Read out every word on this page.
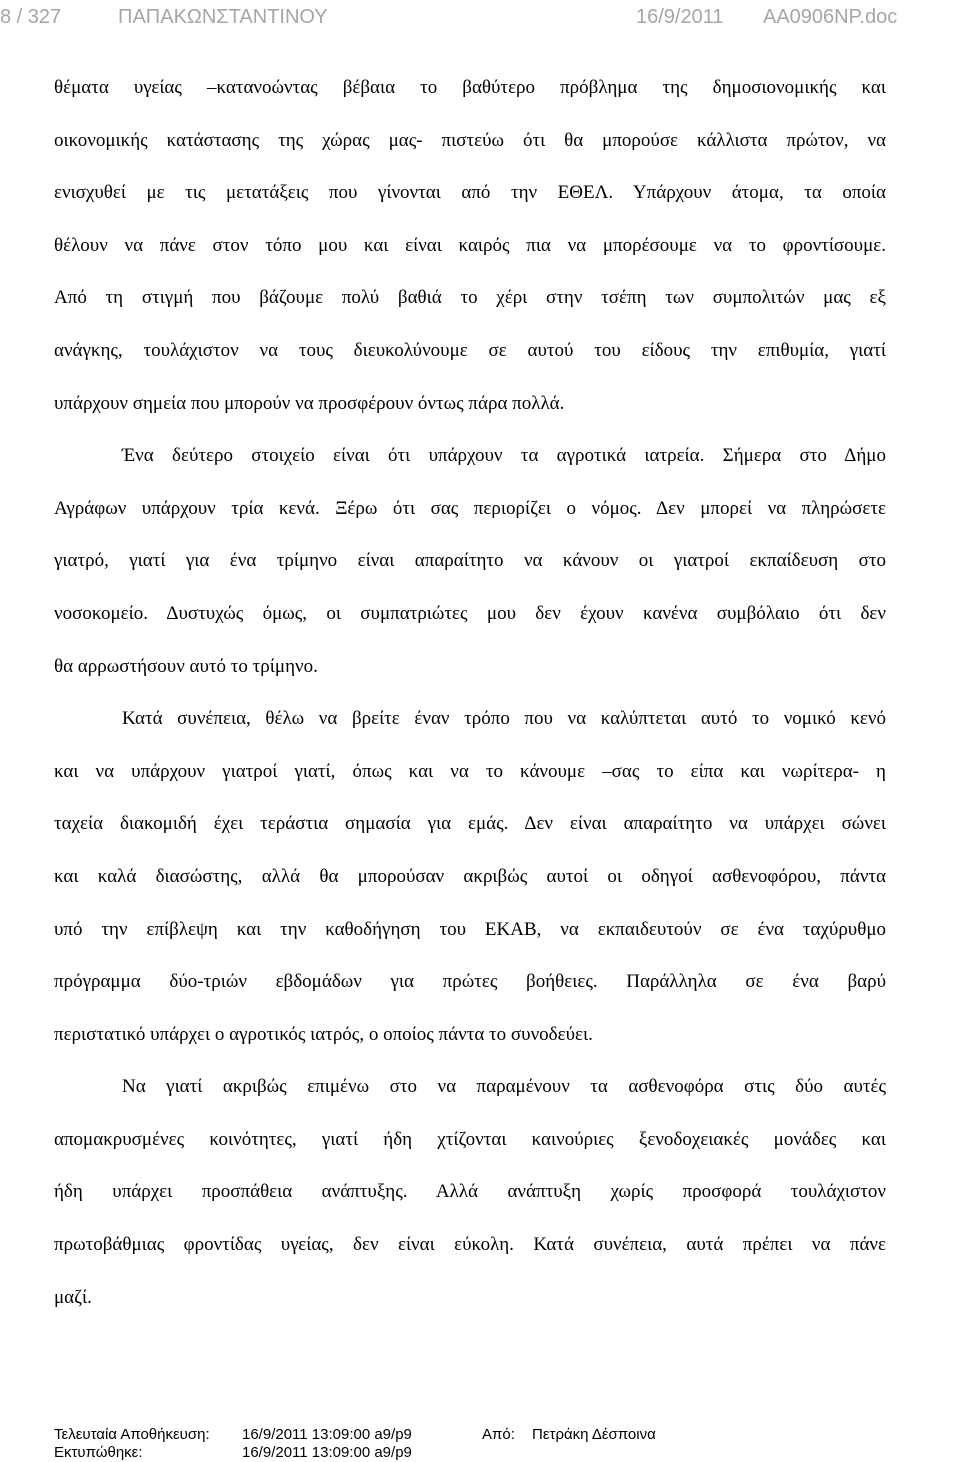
8 / 327	ΠΑΠΑΚΩΝΣΤΑΝΤΙΝΟΥ	16/9/2011 ΑΑ0906ΝΡ.doc
θέματα υγείας –κατανοώντας βέβαια το βαθύτερο πρόβλημα της δημοσιονομικής και
οικονομικής κατάστασης της χώρας μας- πιστεύω ότι θα μπορούσε κάλλιστα πρώτον, να
ενισχυθεί με τις μετατάξεις που γίνονται από την ΕΘΕΛ. Υπάρχουν άτομα, τα οποία
θέλουν να πάνε στον τόπο μου και είναι καιρός πια να μπορέσουμε να το φροντίσουμε.
Από τη στιγμή που βάζουμε πολύ βαθιά το χέρι στην τσέπη των συμπολιτών μας εξ
ανάγκης, τουλάχιστον να τους διευκολύνουμε σε αυτού του είδους την επιθυμία, γιατί
υπάρχουν σημεία που μπορούν να προσφέρουν όντως πάρα πολλά.
Ένα δεύτερο στοιχείο είναι ότι υπάρχουν τα αγροτικά ιατρεία. Σήμερα στο Δήμο
Αγράφων υπάρχουν τρία κενά. Ξέρω ότι σας περιορίζει ο νόμος. Δεν μπορεί να πληρώσετε
γιατρό, γιατί για ένα τρίμηνο είναι απαραίτητο να κάνουν οι γιατροί εκπαίδευση στο
νοσοκομείο. Δυστυχώς όμως, οι συμπατριώτες μου δεν έχουν κανένα συμβόλαιο ότι δεν
θα αρρωστήσουν αυτό το τρίμηνο.
Κατά συνέπεια, θέλω να βρείτε έναν τρόπο που να καλύπτεται αυτό το νομικό κενό
και να υπάρχουν γιατροί γιατί, όπως και να το κάνουμε –σας το είπα και νωρίτερα- η
ταχεία διακομιδή έχει τεράστια σημασία για εμάς. Δεν είναι απαραίτητο να υπάρχει σώνει
και καλά διασώστης, αλλά θα μπορούσαν ακριβώς αυτοί οι οδηγοί ασθενοφόρου, πάντα
υπό την επίβλεψη και την καθοδήγηση του ΕΚΑΒ, να εκπαιδευτούν σε ένα ταχύρυθμο
πρόγραμμα δύο-τριών εβδομάδων για πρώτες βοήθειες. Παράλληλα σε ένα βαρύ
περιστατικό υπάρχει ο αγροτικός ιατρός, ο οποίος πάντα το συνοδεύει.
Να γιατί ακριβώς επιμένω στο να παραμένουν τα ασθενοφόρα στις δύο αυτές
απομακρυσμένες κοινότητες, γιατί ήδη χτίζονται καινούριες ξενοδοχειακές μονάδες και
ήδη υπάρχει προσπάθεια ανάπτυξης. Αλλά ανάπτυξη χωρίς προσφορά τουλάχιστον
πρωτοβάθμιας φροντίδας υγείας, δεν είναι εύκολη. Κατά συνέπεια, αυτά πρέπει να πάνε
μαζί.
Τελευταία Αποθήκευση: 16/9/2011 13:09:00 a9/p9	Από: Πετράκη Δέσποινα
Εκτυπώθηκε:	16/9/2011 13:09:00 a9/p9
